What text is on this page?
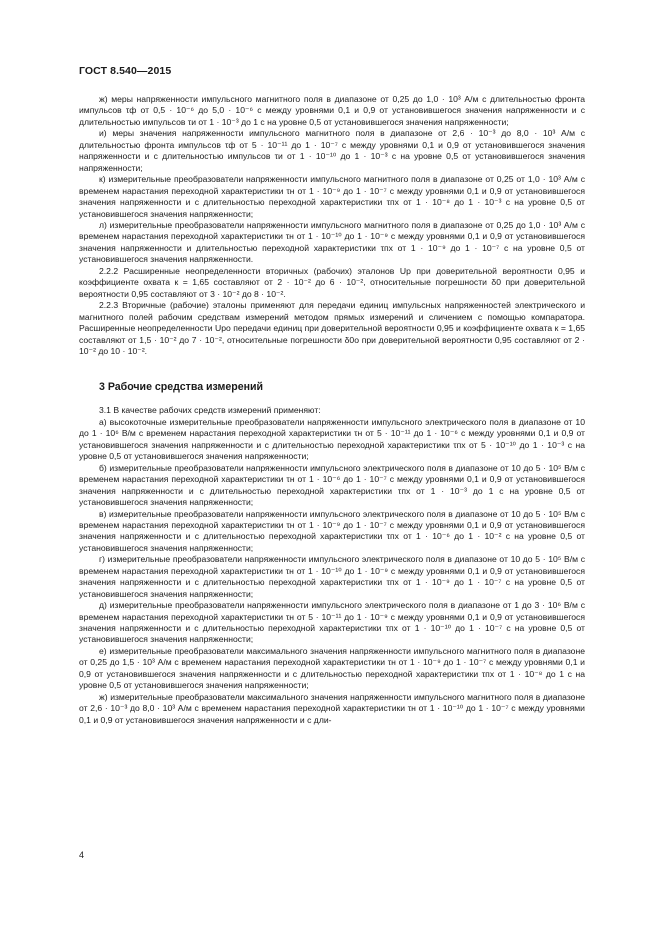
ГОСТ 8.540—2015

ж) меры напряженности импульсного магнитного поля в диапазоне от 0,25 до 1,0 · 10³ А/м с длительностью фронта импульсов τф от 0,5 · 10⁻⁶ до 5,0 · 10⁻⁶ с между уровнями 0,1 и 0,9 от установившегося значения напряженности и с длительностью импульсов τи от 1 · 10⁻³ до 1 с на уровне 0,5 от установившегося значения напряженности;

и) меры значения напряженности импульсного магнитного поля в диапазоне от 2,6 · 10⁻³ до 8,0 · 10³ А/м с длительностью фронта импульсов τф от 5 · 10⁻¹¹ до 1 · 10⁻⁷ с между уровнями 0,1 и 0,9 от установившегося значения напряженности и с длительностью импульсов τи от 1 · 10⁻¹⁰ до 1 · 10⁻³ с на уровне 0,5 от установившегося значения напряженности;

к) измерительные преобразователи напряженности импульсного магнитного поля в диапазоне от 0,25 от 1,0 · 10³ А/м с временем нарастания переходной характеристики τн от 1 · 10⁻⁹ до 1 · 10⁻⁷ с между уровнями 0,1 и 0,9 от установившегося значения напряженности и с длительностью переходной характеристики τпх от 1 · 10⁻⁸ до 1 · 10⁻³ с на уровне 0,5 от установившегося значения напряженности;

л) измерительные преобразователи напряженности импульсного магнитного поля в диапазоне от 0,25 до 1,0 · 10³ А/м с временем нарастания переходной характеристики τн от 1 · 10⁻¹⁰ до 1 · 10⁻⁹ с между уровнями 0,1 и 0,9 от установившегося значения напряженности и длительностью переходной характеристики τпх от 1 · 10⁻⁹ до 1 · 10⁻⁷ с на уровне 0,5 от установившегося значения напряженности.

2.2.2 Расширенные неопределенности вторичных (рабочих) эталонов Uр при доверительной вероятности 0,95 и коэффициенте охвата к = 1,65 составляют от 2 · 10⁻² до 6 · 10⁻², относительные погрешности δ0 при доверительной вероятности 0,95 составляют от 3 · 10⁻² до 8 · 10⁻².

2.2.3 Вторичные (рабочие) эталоны применяют для передачи единиц импульсных напряженностей электрического и магнитного полей рабочим средствам измерений методом прямых измерений и сличением с помощью компаратора. Расширенные неопределенности Uро передачи единиц при доверительной вероятности 0,95 и коэффициенте охвата к = 1,65 составляют от 1,5 · 10⁻² до 7 · 10⁻², относительные погрешности δ0о при доверительной вероятности 0,95 составляют от 2 · 10⁻² до 10 · 10⁻².

3 Рабочие средства измерений

3.1 В качестве рабочих средств измерений применяют:

а) высокоточные измерительные преобразователи напряженности импульсного электрического поля в диапазоне от 10 до 1 · 10⁶ В/м с временем нарастания переходной характеристики τн от 5 · 10⁻¹¹ до 1 · 10⁻⁶ с между уровнями 0,1 и 0,9 от установившегося значения напряженности и с длительностью переходной характеристики τпх от 5 · 10⁻¹⁰ до 1 · 10⁻³ с на уровне 0,5 от установившегося значения напряженности;

б) измерительные преобразователи напряженности импульсного электрического поля в диапазоне от 10 до 5 · 10⁵ В/м с временем нарастания переходной характеристики τн от 1 · 10⁻⁶ до 1 · 10⁻⁷ с между уровнями 0,1 и 0,9 от установившегося значения напряженности и с длительностью переходной характеристики τпх от 1 · 10⁻³ до 1 с на уровне 0,5 от установившегося значения напряженности;

в) измерительные преобразователи напряженности импульсного электрического поля в диапазоне от 10 до 5 · 10⁵ В/м с временем нарастания переходной характеристики τн от 1 · 10⁻⁹ до 1 · 10⁻⁷ с между уровнями 0,1 и 0,9 от установившегося значения напряженности и с длительностью переходной характеристики τпх от 1 · 10⁻⁶ до 1 · 10⁻² с на уровне 0,5 от установившегося значения напряженности;

г) измерительные преобразователи напряженности импульсного электрического поля в диапазоне от 10 до 5 · 10⁵ В/м с временем нарастания переходной характеристики τн от 1 · 10⁻¹⁰ до 1 · 10⁻⁹ с между уровнями 0,1 и 0,9 от установившегося значения напряженности и с длительностью переходной характеристики τпх от 1 · 10⁻⁹ до 1 · 10⁻⁷ с на уровне 0,5 от установившегося значения напряженности;

д) измерительные преобразователи напряженности импульсного электрического поля в диапазоне от 1 до 3 · 10⁶ В/м с временем нарастания переходной характеристики τн от 5 · 10⁻¹¹ до 1 · 10⁻⁹ с между уровнями 0,1 и 0,9 от установившегося значения напряженности и с длительностью переходной характеристики τпх от 1 · 10⁻¹⁰ до 1 · 10⁻⁷ с на уровне 0,5 от установившегося значения напряженности;

е) измерительные преобразователи максимального значения напряженности импульсного магнитного поля в диапазоне от 0,25 до 1,5 · 10³ А/м с временем нарастания переходной характеристики τн от 1 · 10⁻⁹ до 1 · 10⁻⁷ с между уровнями 0,1 и 0,9 от установившегося значения напряженности и с длительностью переходной характеристики τпх от 1 · 10⁻⁸ до 1 с на уровне 0,5 от установившегося значения напряженности;

ж) измерительные преобразователи максимального значения напряженности импульсного магнитного поля в диапазоне от 2,6 · 10⁻³ до 8,0 · 10³ А/м с временем нарастания переходной характеристики τн от 1 · 10⁻¹⁰ до 1 · 10⁻⁷ с между уровнями 0,1 и 0,9 от установившегося значения напряженности и с дли-

4
